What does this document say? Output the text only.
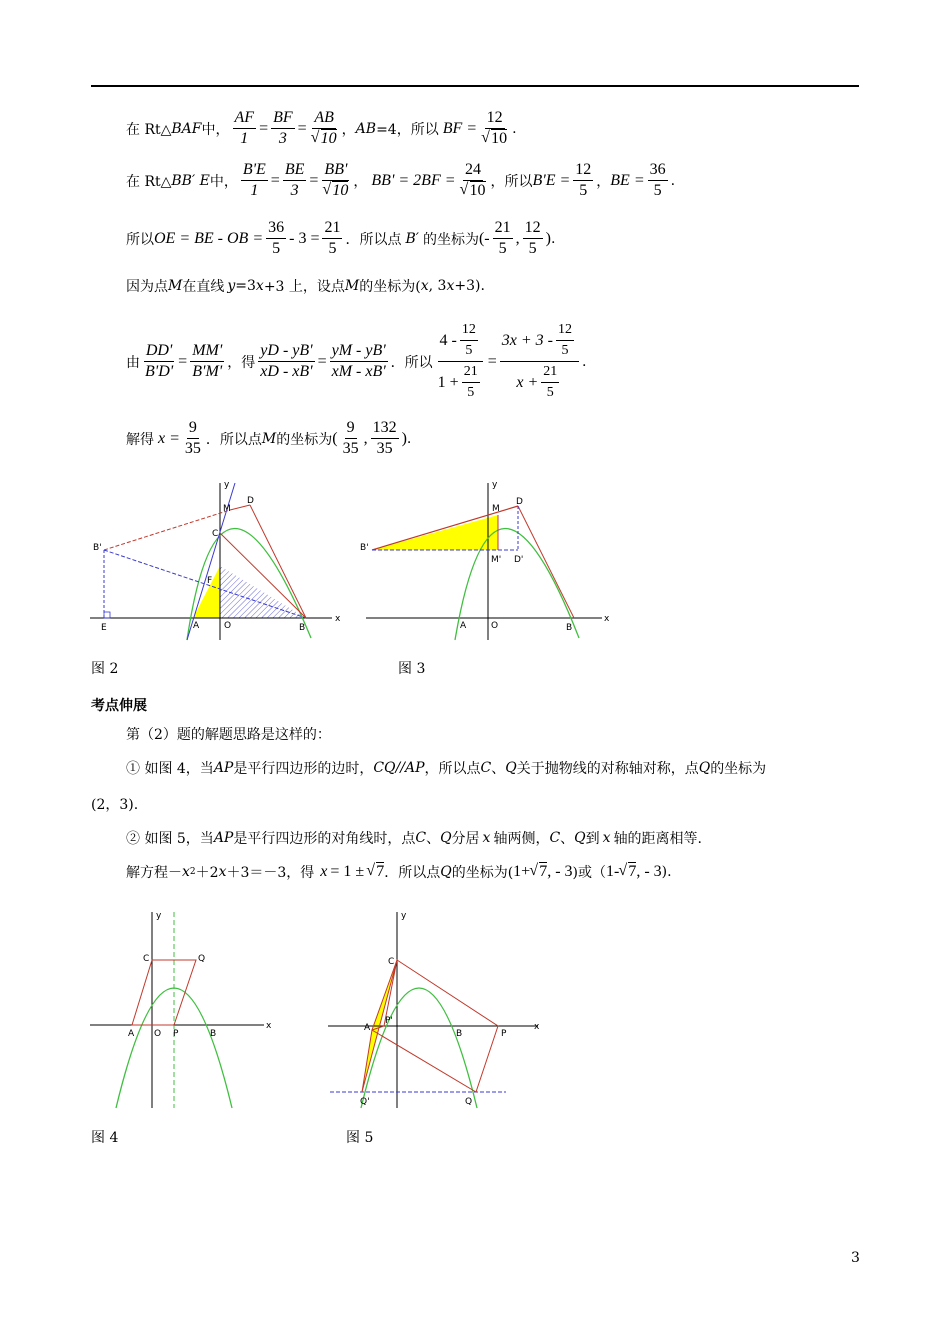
在 Rt△ BAF 中， $\frac{AF}{1} = \frac{BF}{3}$ = AB
√ 10 ， AB =4，所以 BF = 12
√ 10 .
在 Rt△ BB′ E 中， $\frac{B'E}{1} = \frac{BE}{3} = BB'$
√ 10 ， BB' = 2BF = 24
√ 10 ，所以 $B'E = \frac{12}{5}$ ， BE = $\frac{36}{5}$ .
所以 OE = BE - OB = $\frac{36}{5} - 3 = \frac{21}{5}$ ．所以点 B′ 的坐标为 (- $\frac{21}{5}$ , $\frac{12}{5}$ ) .
因为点 M 在直线 y =3 x +3 上，设点 M 的坐标为( x , 3 x +3).
由 $\frac{DD'}{B'D'} = \frac{MM'}{B'M'}$ ，得 $\frac{yD - yB'}{xD - xB'} = \frac{yM - yB'}{xM - xB'}$ ．所以 $\frac{4 - \frac{12}{5}}{1 + \frac{21}{5}} = \frac{3x + 3 - \frac{12}{5}}{x + \frac{21}{5}}$ .
解得 $x = \frac{9}{35}$ ．所以点 M 的坐标为 ( $\frac{9}{35}$ , $\frac{132}{35}$ ) .
y
x
M
D
C
B'
F
E	A	O	B
y
x
M
D
B'
M' D'
A	O	B
图 2	图 3
考点伸展
第（2）题的解题思路是这样的：
① 如图 4，当 AP 是平行四边形的边时， CQ//AP ，所以点 C 、 Q 关于抛物线的对称轴对称，点 Q 的坐标为
(2，3).
② 如图 5，当 AP 是平行四边形的对角线时，点 C 、 Q 分居 x 轴两侧， C 、 Q 到 x 轴的距离相等.
解方程－ x 2 ＋2 x ＋3＝－3，得 x = 1 ± √ 7 ．所以点 Q 的坐标为( 1+ √ 7 , - 3 )或（ 1- √ 7 , - 3 ).
y
x
C	Q
A O P	B
y
x
C
A
P'
B	P
Q'	Q
图 4	图 5
3
